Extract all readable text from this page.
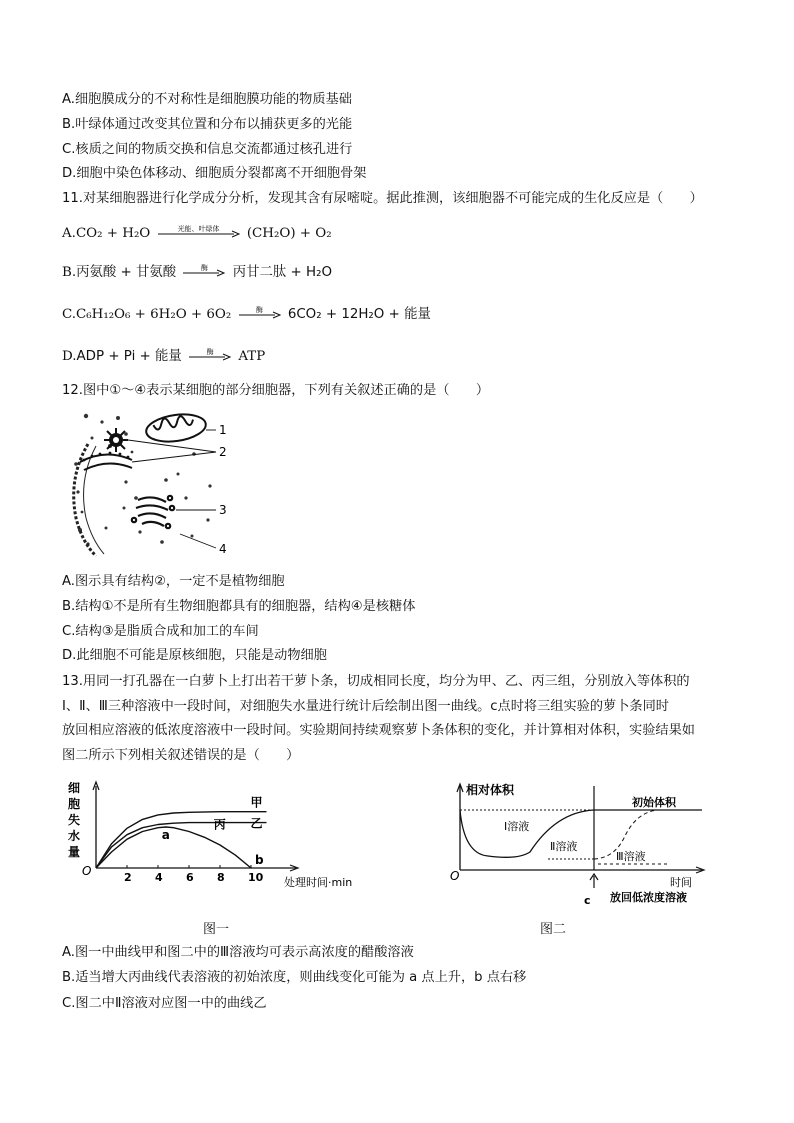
A.细胞膜成分的不对称性是细胞膜功能的物质基础
B.叶绿体通过改变其位置和分布以捕获更多的光能
C.核质之间的物质交换和信息交流都通过核孔进行
D.细胞中染色体移动、细胞质分裂都离不开细胞骨架
11.对某细胞器进行化学成分分析，发现其含有尿嘧啶。据此推测，该细胞器不可能完成的生化反应是（　　）
A.CO₂ + H₂O	光能、叶绿体	(CH₂O) + O₂
B.丙氨酸 + 甘氨酸	酶	丙甘二肽 + H₂O
C.C₆H₁₂O₆ + 6H₂O + 6O₂	酶	6CO₂ + 12H₂O + 能量
D.ADP + Pi + 能量	酶	ATP
12.图中①～④表示某细胞的部分细胞器，下列有关叙述正确的是（　　）
1
2
3
4
A.图示具有结构②，一定不是植物细胞
B.结构①不是所有生物细胞都具有的细胞器，结构④是核糖体
C.结构③是脂质合成和加工的车间
D.此细胞不可能是原核细胞，只能是动物细胞
13.用同一打孔器在一白萝卜上打出若干萝卜条，切成相同长度，均分为甲、乙、丙三组，分别放入等体积的
Ⅰ、Ⅱ、Ⅲ三种溶液中一段时间，对细胞失水量进行统计后绘制出图一曲线。c点时将三组实验的萝卜条同时
放回相应溶液的低浓度溶液中一段时间。实验期间持续观察萝卜条体积的变化，并计算相对体积，实验结果如
图二所示下列相关叙述错误的是（　　）
细
胞
失
水
量
O	2 4 6 8 10
甲
乙
丙
a
b
处理时间·min
图一
相对体积
O	时间
初始体积
c 放回低浓度溶液
Ⅰ溶液
Ⅱ溶液
Ⅲ溶液
图二
A.图一中曲线甲和图二中的Ⅲ溶液均可表示高浓度的醋酸溶液
B.适当增大丙曲线代表溶液的初始浓度，则曲线变化可能为 a 点上升，b 点右移
C.图二中Ⅱ溶液对应图一中的曲线乙
